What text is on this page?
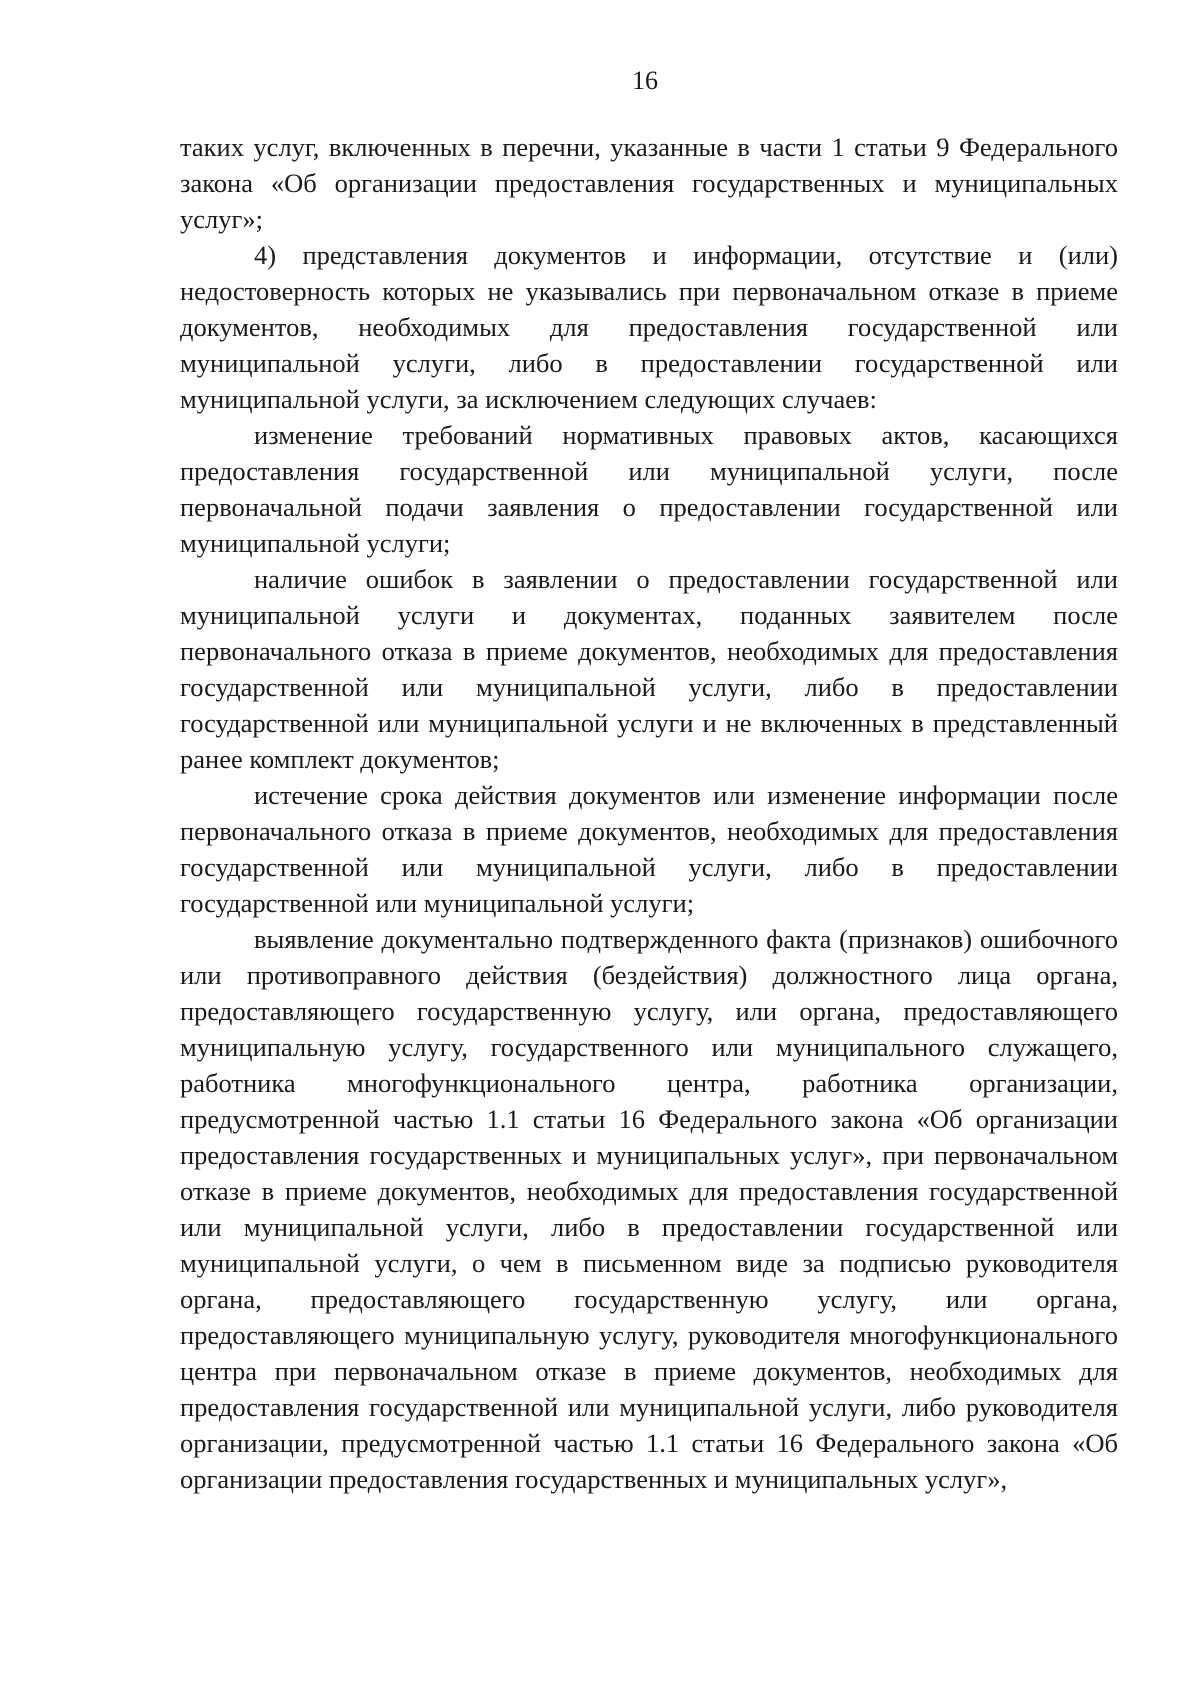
16

таких услуг, включенных в перечни, указанные в части 1 статьи 9 Федерального закона «Об организации предоставления государственных и муниципальных услуг»;

4) представления документов и информации, отсутствие и (или) недостоверность которых не указывались при первоначальном отказе в приеме документов, необходимых для предоставления государственной или муниципальной услуги, либо в предоставлении государственной или муниципальной услуги, за исключением следующих случаев:

изменение требований нормативных правовых актов, касающихся предоставления государственной или муниципальной услуги, после первоначальной подачи заявления о предоставлении государственной или муниципальной услуги;

наличие ошибок в заявлении о предоставлении государственной или муниципальной услуги и документах, поданных заявителем после первоначального отказа в приеме документов, необходимых для предоставления государственной или муниципальной услуги, либо в предоставлении государственной или муниципальной услуги и не включенных в представленный ранее комплект документов;

истечение срока действия документов или изменение информации после первоначального отказа в приеме документов, необходимых для предоставления государственной или муниципальной услуги, либо в предоставлении государственной или муниципальной услуги;

выявление документально подтвержденного факта (признаков) ошибочного или противоправного действия (бездействия) должностного лица органа, предоставляющего государственную услугу, или органа, предоставляющего муниципальную услугу, государственного или муниципального служащего, работника многофункционального центра, работника организации, предусмотренной частью 1.1 статьи 16 Федерального закона «Об организации предоставления государственных и муниципальных услуг», при первоначальном отказе в приеме документов, необходимых для предоставления государственной или муниципальной услуги, либо в предоставлении государственной или муниципальной услуги, о чем в письменном виде за подписью руководителя органа, предоставляющего государственную услугу, или органа, предоставляющего муниципальную услугу, руководителя многофункционального центра при первоначальном отказе в приеме документов, необходимых для предоставления государственной или муниципальной услуги, либо руководителя организации, предусмотренной частью 1.1 статьи 16 Федерального закона «Об организации предоставления государственных и муниципальных услуг»,
